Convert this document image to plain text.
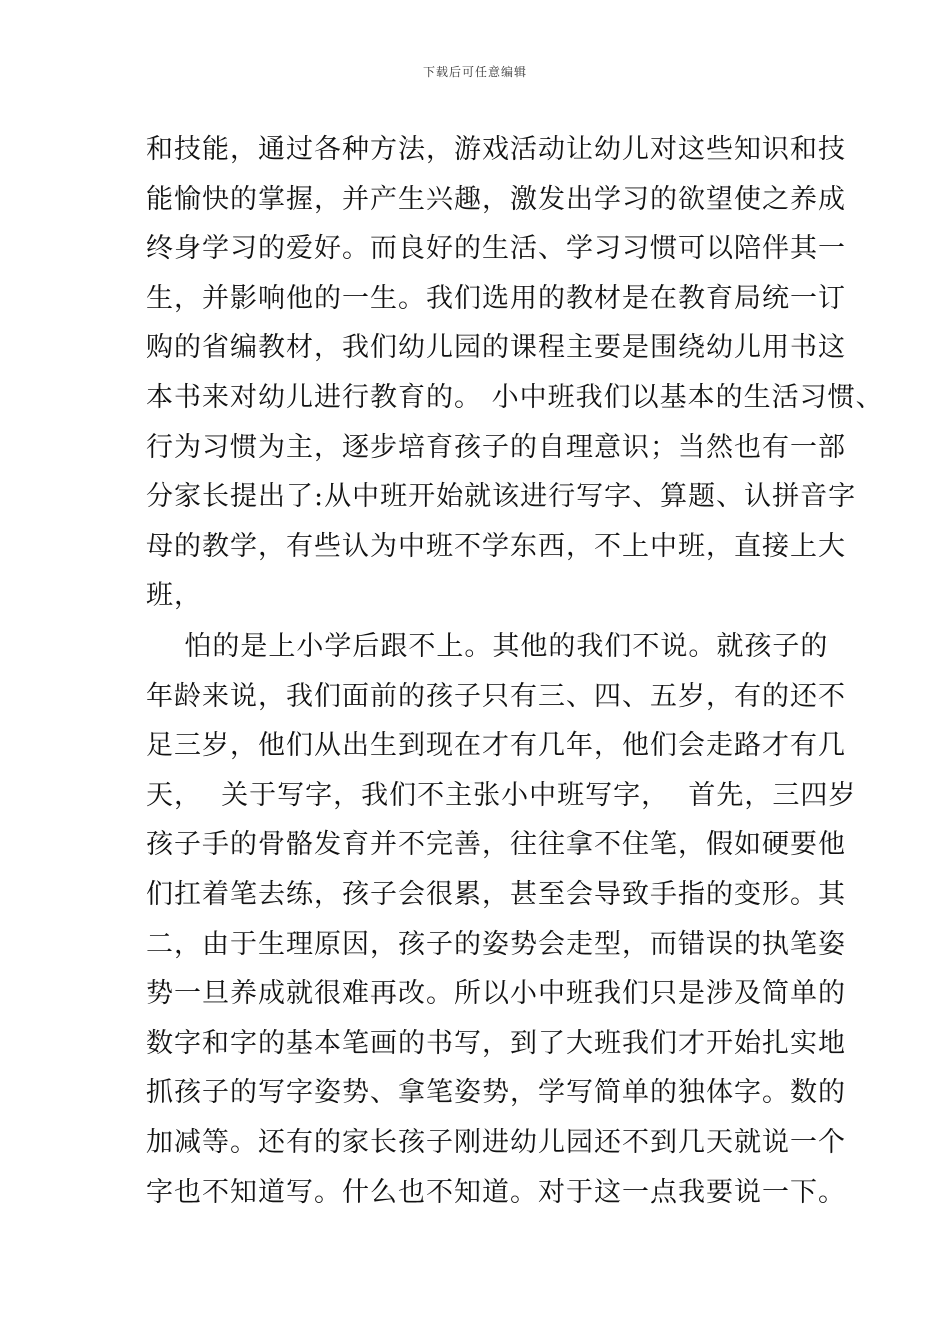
下载后可任意编辑
和技能，通过各种方法，游戏活动让幼儿对这些知识和技
能愉快的掌握，并产生兴趣，激发出学习的欲望使之养成
终身学习的爱好。而良好的生活、学习习惯可以陪伴其一
生，并影响他的一生。我们选用的教材是在教育局统一订
购的省编教材，我们幼儿园的课程主要是围绕幼儿用书这
本书来对幼儿进行教育的。 小中班我们以基本的生活习惯、
行为习惯为主，逐步培育孩子的自理意识；当然也有一部
分家长提出了:从中班开始就该进行写字、算题、认拼音字
母的教学，有些认为中班不学东西，不上中班，直接上大
班，
怕的是上小学后跟不上。其他的我们不说。就孩子的
年龄来说，我们面前的孩子只有三、四、五岁，有的还不
足三岁，他们从出生到现在才有几年，他们会走路才有几
天，  关于写字，我们不主张小中班写字，  首先，三四岁
孩子手的骨骼发育并不完善，往往拿不住笔，假如硬要他
们扛着笔去练，孩子会很累，甚至会导致手指的变形。其
二，由于生理原因，孩子的姿势会走型，而错误的执笔姿
势一旦养成就很难再改。所以小中班我们只是涉及简单的
数字和字的基本笔画的书写，到了大班我们才开始扎实地
抓孩子的写字姿势、拿笔姿势，学写简单的独体字。数的
加减等。还有的家长孩子刚进幼儿园还不到几天就说一个
字也不知道写。什么也不知道。对于这一点我要说一下。
